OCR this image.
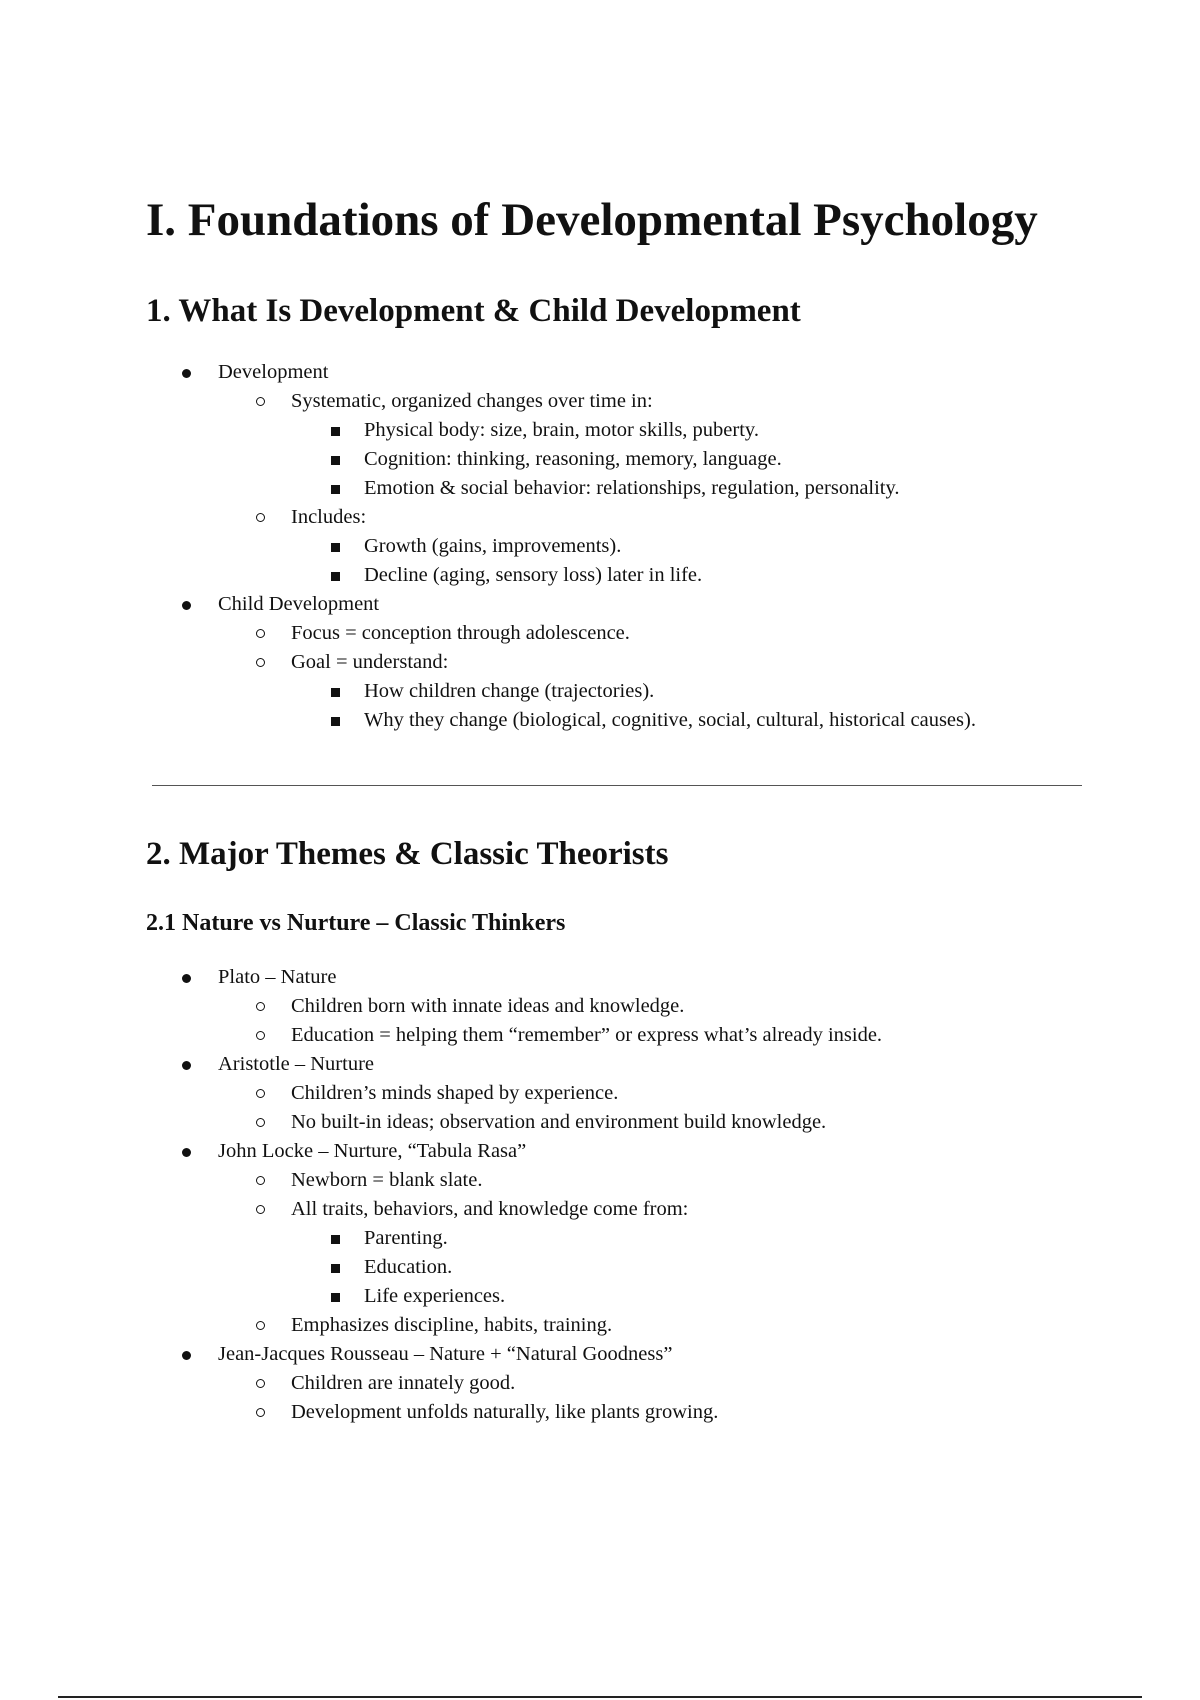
I. Foundations of Developmental Psychology
1. What Is Development & Child Development
Development
Systematic, organized changes over time in:
Physical body: size, brain, motor skills, puberty.
Cognition: thinking, reasoning, memory, language.
Emotion & social behavior: relationships, regulation, personality.
Includes:
Growth (gains, improvements).
Decline (aging, sensory loss) later in life.
Child Development
Focus = conception through adolescence.
Goal = understand:
How children change (trajectories).
Why they change (biological, cognitive, social, cultural, historical causes).
2. Major Themes & Classic Theorists
2.1 Nature vs Nurture – Classic Thinkers
Plato – Nature
Children born with innate ideas and knowledge.
Education = helping them “remember” or express what’s already inside.
Aristotle – Nurture
Children’s minds shaped by experience.
No built-in ideas; observation and environment build knowledge.
John Locke – Nurture, “Tabula Rasa”
Newborn = blank slate.
All traits, behaviors, and knowledge come from:
Parenting.
Education.
Life experiences.
Emphasizes discipline, habits, training.
Jean-Jacques Rousseau – Nature + “Natural Goodness”
Children are innately good.
Development unfolds naturally, like plants growing.
